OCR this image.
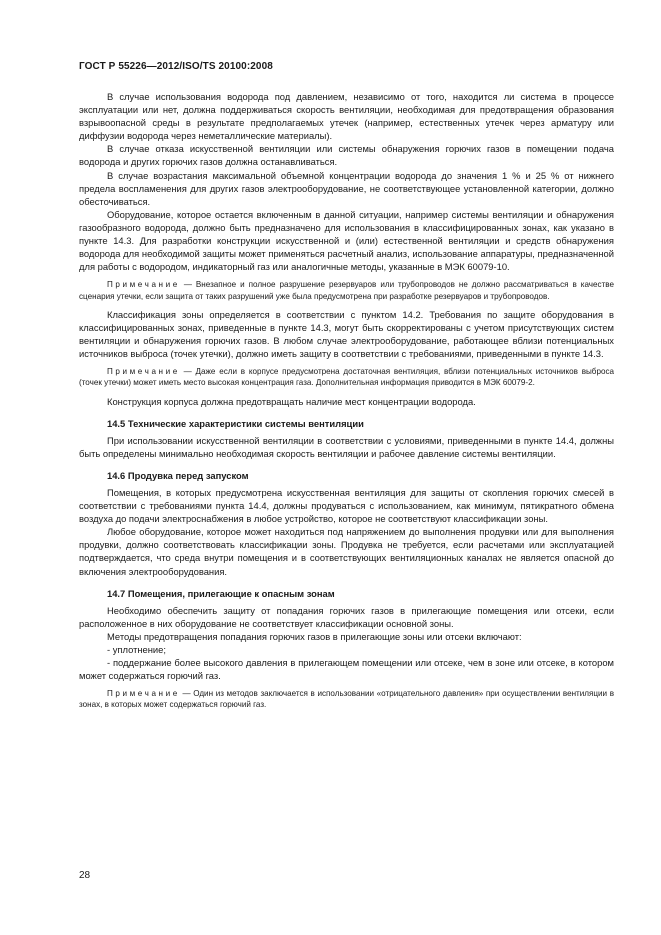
ГОСТ Р 55226—2012/ISO/TS 20100:2008

В случае использования водорода под давлением, независимо от того, находится ли система в процессе эксплуатации или нет, должна поддерживаться скорость вентиляции, необходимая для предотвращения образования взрывоопасной среды в результате предполагаемых утечек (например, естественных утечек через арматуру или диффузии водорода через неметаллические материалы).

В случае отказа искусственной вентиляции или системы обнаружения горючих газов в помещении подача водорода и других горючих газов должна останавливаться.

В случае возрастания максимальной объемной концентрации водорода до значения 1 % и 25 % от нижнего предела воспламенения для других газов электрооборудование, не соответствующее установленной категории, должно обесточиваться.

Оборудование, которое остается включенным в данной ситуации, например системы вентиляции и обнаружения газообразного водорода, должно быть предназначено для использования в классифицированных зонах, как указано в пункте 14.3. Для разработки конструкции искусственной и (или) естественной вентиляции и средств обнаружения водорода для необходимой защиты может применяться расчетный анализ, использование аппаратуры, предназначенной для работы с водородом, индикаторный газ или аналогичные методы, указанные в МЭК 60079-10.

Примечание — Внезапное и полное разрушение резервуаров или трубопроводов не должно рассматриваться в качестве сценария утечки, если защита от таких разрушений уже была предусмотрена при разработке резервуаров и трубопроводов.

Классификация зоны определяется в соответствии с пунктом 14.2. Требования по защите оборудования в классифицированных зонах, приведенные в пункте 14.3, могут быть скорректированы с учетом присутствующих систем вентиляции и обнаружения горючих газов. В любом случае электрооборудование, работающее вблизи потенциальных источников выброса (точек утечки), должно иметь защиту в соответствии с требованиями, приведенными в пункте 14.3.

Примечание — Даже если в корпусе предусмотрена достаточная вентиляция, вблизи потенциальных источников выброса (точек утечки) может иметь место высокая концентрация газа. Дополнительная информация приводится в МЭК 60079-2.

Конструкция корпуса должна предотвращать наличие мест концентрации водорода.

14.5 Технические характеристики системы вентиляции

При использовании искусственной вентиляции в соответствии с условиями, приведенными в пункте 14.4, должны быть определены минимально необходимая скорость вентиляции и рабочее давление системы вентиляции.

14.6 Продувка перед запуском

Помещения, в которых предусмотрена искусственная вентиляция для защиты от скопления горючих смесей в соответствии с требованиями пункта 14.4, должны продуваться с использованием, как минимум, пятикратного обмена воздуха до подачи электроснабжения в любое устройство, которое не соответствуют классификации зоны.

Любое оборудование, которое может находиться под напряжением до выполнения продувки или для выполнения продувки, должно соответствовать классификации зоны. Продувка не требуется, если расчетами или эксплуатацией подтверждается, что среда внутри помещения и в соответствующих вентиляционных каналах не является опасной до включения электрооборудования.

14.7 Помещения, прилегающие к опасным зонам

Необходимо обеспечить защиту от попадания горючих газов в прилегающие помещения или отсеки, если расположенное в них оборудование не соответствует классификации основной зоны.

Методы предотвращения попадания горючих газов в прилегающие зоны или отсеки включают:

- уплотнение;

- поддержание более высокого давления в прилегающем помещении или отсеке, чем в зоне или отсеке, в котором может содержаться горючий газ.

Примечание — Один из методов заключается в использовании «отрицательного давления» при осуществлении вентиляции в зонах, в которых может содержаться горючий газ.

28
